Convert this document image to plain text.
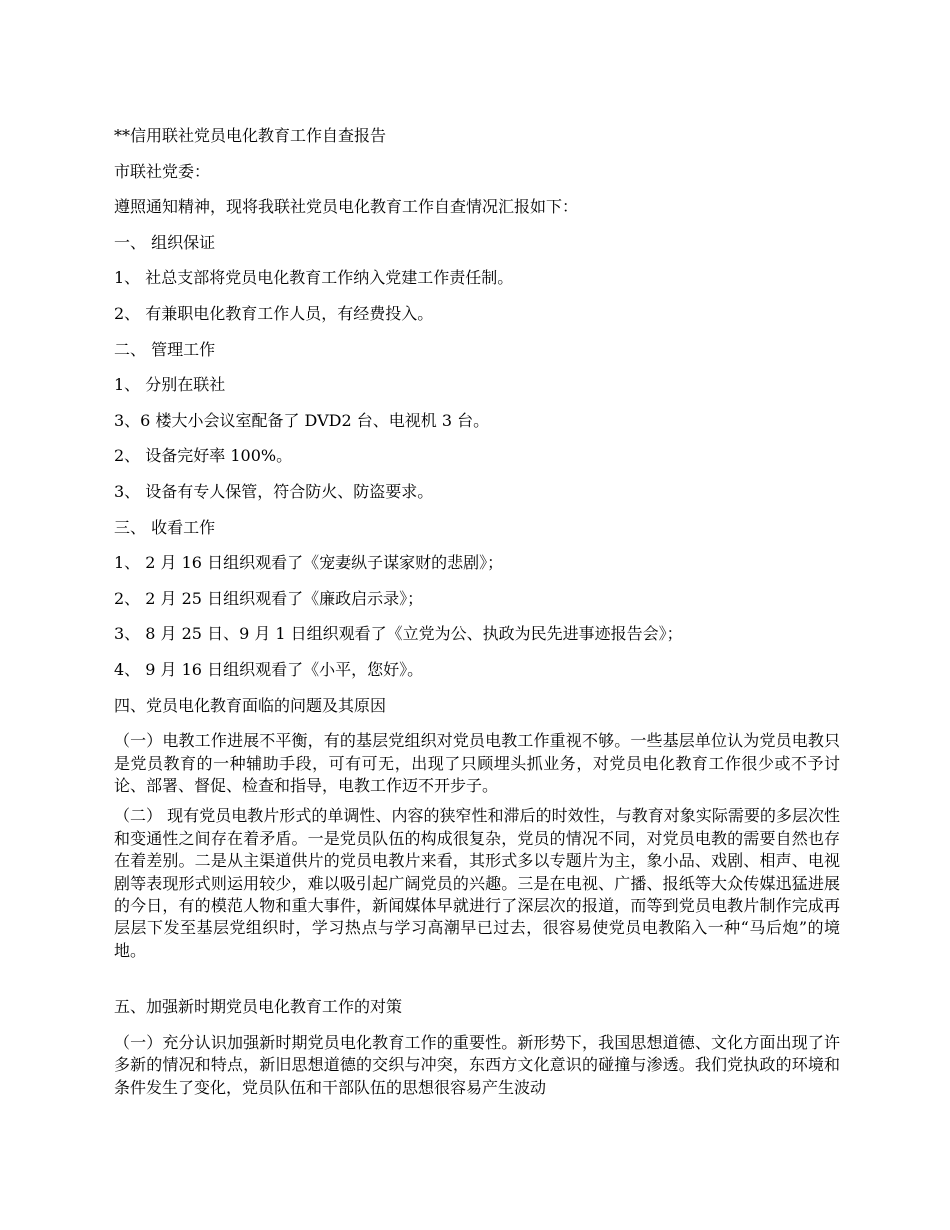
**信用联社党员电化教育工作自查报告
市联社党委：
遵照通知精神，现将我联社党员电化教育工作自查情况汇报如下：
一、 组织保证
1、 社总支部将党员电化教育工作纳入党建工作责任制。
2、 有兼职电化教育工作人员，有经费投入。
二、 管理工作
1、 分别在联社
3、6 楼大小会议室配备了 DVD2 台、电视机 3 台。
2、 设备完好率 100%。
3、 设备有专人保管，符合防火、防盗要求。
三、 收看工作
1、 2 月 16 日组织观看了《宠妻纵子谋家财的悲剧》；
2、 2 月 25 日组织观看了《廉政启示录》；
3、 8 月 25 日、9 月 1 日组织观看了《立党为公、执政为民先进事迹报告会》；
4、 9 月 16 日组织观看了《小平，您好》。
四、党员电化教育面临的问题及其原因
（一）电教工作进展不平衡，有的基层党组织对党员电教工作重视不够。一些基层单位认为党员电教只是党员教育的一种辅助手段，可有可无，出现了只顾埋头抓业务，对党员电化教育工作很少或不予讨论、部署、督促、检查和指导，电教工作迈不开步子。
（二） 现有党员电教片形式的单调性、内容的狭窄性和滞后的时效性，与教育对象实际需要的多层次性和变通性之间存在着矛盾。一是党员队伍的构成很复杂，党员的情况不同，对党员电教的需要自然也存在着差别。二是从主渠道供片的党员电教片来看，其形式多以专题片为主，象小品、戏剧、相声、电视剧等表现形式则运用较少，难以吸引起广阔党员的兴趣。三是在电视、广播、报纸等大众传媒迅猛进展的今日，有的模范人物和重大事件，新闻媒体早就进行了深层次的报道，而等到党员电教片制作完成再层层下发至基层党组织时，学习热点与学习高潮早已过去，很容易使党员电教陷入一种“马后炮”的境地。
五、加强新时期党员电化教育工作的对策
（一）充分认识加强新时期党员电化教育工作的重要性。新形势下，我国思想道德、文化方面出现了许多新的情况和特点，新旧思想道德的交织与冲突，东西方文化意识的碰撞与渗透。我们党执政的环境和条件发生了变化，党员队伍和干部队伍的思想很容易产生波动
